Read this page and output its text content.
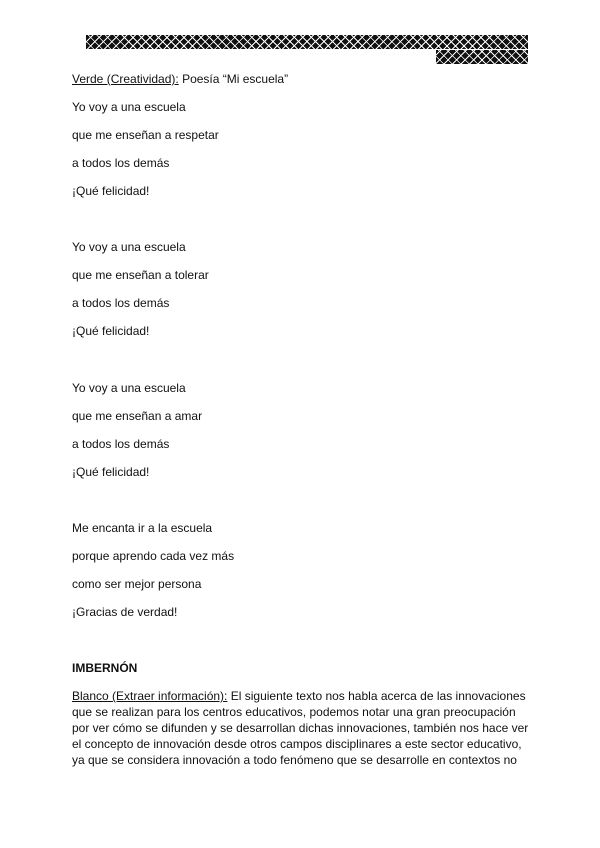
Verde (Creatividad): Poesía “Mi escuela”
Yo voy a una escuela
que me enseñan a respetar
a todos los demás
¡Qué felicidad!
Yo voy a una escuela
que me enseñan a tolerar
a todos los demás
¡Qué felicidad!
Yo voy a una escuela
que me enseñan a amar
a todos los demás
¡Qué felicidad!
Me encanta ir a la escuela
porque aprendo cada vez más
como ser mejor persona
¡Gracias de verdad!
IMBERNÓN
Blanco (Extraer información): El siguiente texto nos habla acerca de las innovaciones que se realizan para los centros educativos, podemos notar una gran preocupación por ver cómo se difunden y se desarrollan dichas innovaciones, también nos hace ver el concepto de innovación desde otros campos disciplinares a este sector educativo, ya que se considera innovación a todo fenómeno que se desarrolle en contextos no
